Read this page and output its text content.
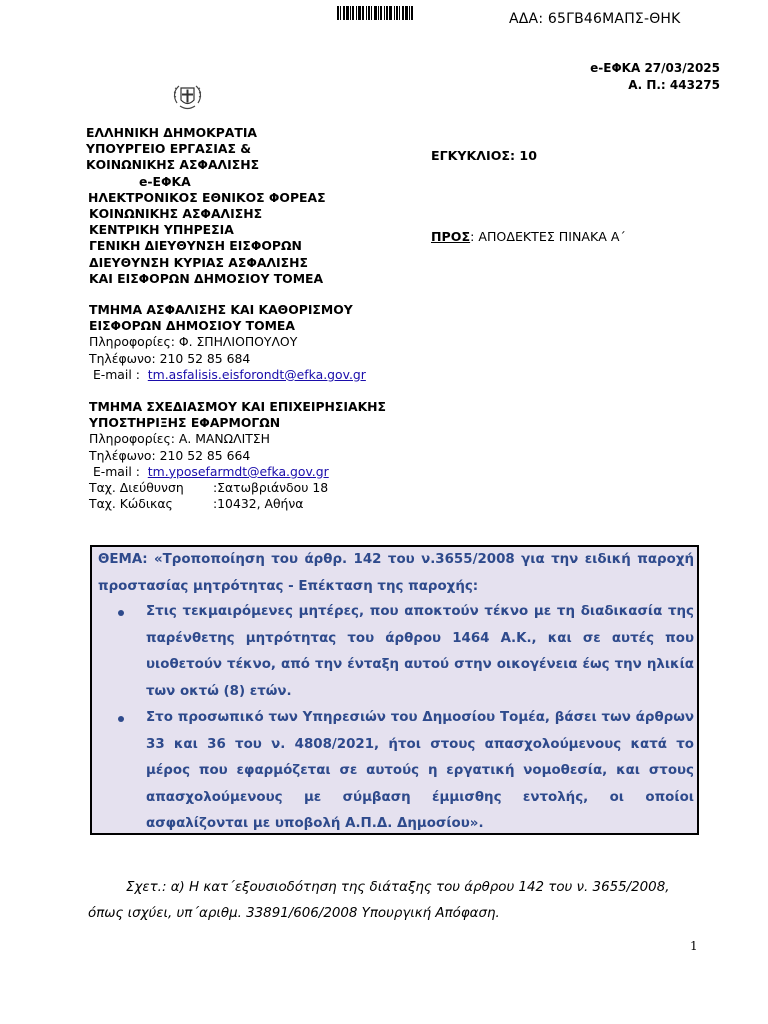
ΑΔΑ: 65ΓΒ46ΜΑΠΣ-ΘΗΚ
e-ΕΦΚΑ 27/03/2025
Α. Π.: 443275
ΕΛΛΗΝΙΚΗ ΔΗΜΟΚΡΑΤΙΑ
ΥΠΟΥΡΓΕΙΟ ΕΡΓΑΣΙΑΣ &
ΚΟΙΝΩΝΙΚΗΣ ΑΣΦΑΛΙΣΗΣ
e-ΕΦΚΑ
ΗΛΕΚΤΡΟΝΙΚΟΣ ΕΘΝΙΚΟΣ ΦΟΡΕΑΣ
ΚΟΙΝΩΝΙΚΗΣ ΑΣΦΑΛΙΣΗΣ
ΚΕΝΤΡΙΚΗ ΥΠΗΡΕΣΙΑ
ΓΕΝΙΚΗ ΔΙΕΥΘΥΝΣΗ ΕΙΣΦΟΡΩΝ
ΔΙΕΥΘΥΝΣΗ ΚΥΡΙΑΣ ΑΣΦΑΛΙΣΗΣ
ΚΑΙ ΕΙΣΦΟΡΩΝ ΔΗΜΟΣΙΟΥ ΤΟΜΕΑ
ΕΓΚΥΚΛΙΟΣ: 10
ΠΡΟΣ: ΑΠΟΔΕΚΤΕΣ ΠΙΝΑΚΑ Α΄
ΤΜΗΜΑ ΑΣΦΑΛΙΣΗΣ ΚΑΙ ΚΑΘΟΡΙΣΜΟΥ
ΕΙΣΦΟΡΩΝ ΔΗΜΟΣΙΟΥ ΤΟΜΕΑ
Πληροφορίες: Φ. ΣΠΗΛΙΟΠΟΥΛΟΥ
Τηλέφωνο: 210 52 85 684
E-mail :  tm.asfalisis.eisforondt@efka.gov.gr
ΤΜΗΜΑ ΣΧΕΔΙΑΣΜΟΥ ΚΑΙ ΕΠΙΧΕΙΡΗΣΙΑΚΗΣ
ΥΠΟΣΤΗΡΙΞΗΣ ΕΦΑΡΜΟΓΩΝ
Πληροφορίες: Α. ΜΑΝΩΛΙΤΣΗ
Τηλέφωνο: 210 52 85 664
E-mail :  tm.yposefarmdt@efka.gov.gr
Ταχ. Διεύθυνση :Σατωβριάνδου 18
Ταχ. Κώδικας	:10432, Αθήνα
ΘΕΜΑ: «Τροποποίηση του άρθρ. 142 του ν.3655/2008 για την ειδική παροχή προστασίας μητρότητας - Επέκταση της παροχής:
Στις τεκμαιρόμενες μητέρες, που αποκτούν τέκνο με τη διαδικασία της παρένθετης μητρότητας του άρθρου 1464 Α.Κ., και σε αυτές που υιοθετούν τέκνο, από την ένταξη αυτού στην οικογένεια έως την ηλικία των οκτώ (8) ετών.
Στο προσωπικό των Υπηρεσιών του Δημοσίου Τομέα, βάσει των άρθρων 33 και 36 του ν. 4808/2021, ήτοι στους απασχολούμενους κατά το μέρος που εφαρμόζεται σε αυτούς η εργατική νομοθεσία, και στους απασχολούμενους με σύμβαση έμμισθης εντολής, οι οποίοι ασφαλίζονται με υποβολή Α.Π.Δ. Δημοσίου».
Σχετ.: α) Η κατ΄εξουσιοδότηση της διάταξης του άρθρου 142 του ν. 3655/2008,
όπως ισχύει, υπ΄αριθμ. 33891/606/2008 Υπουργική Απόφαση.
1
